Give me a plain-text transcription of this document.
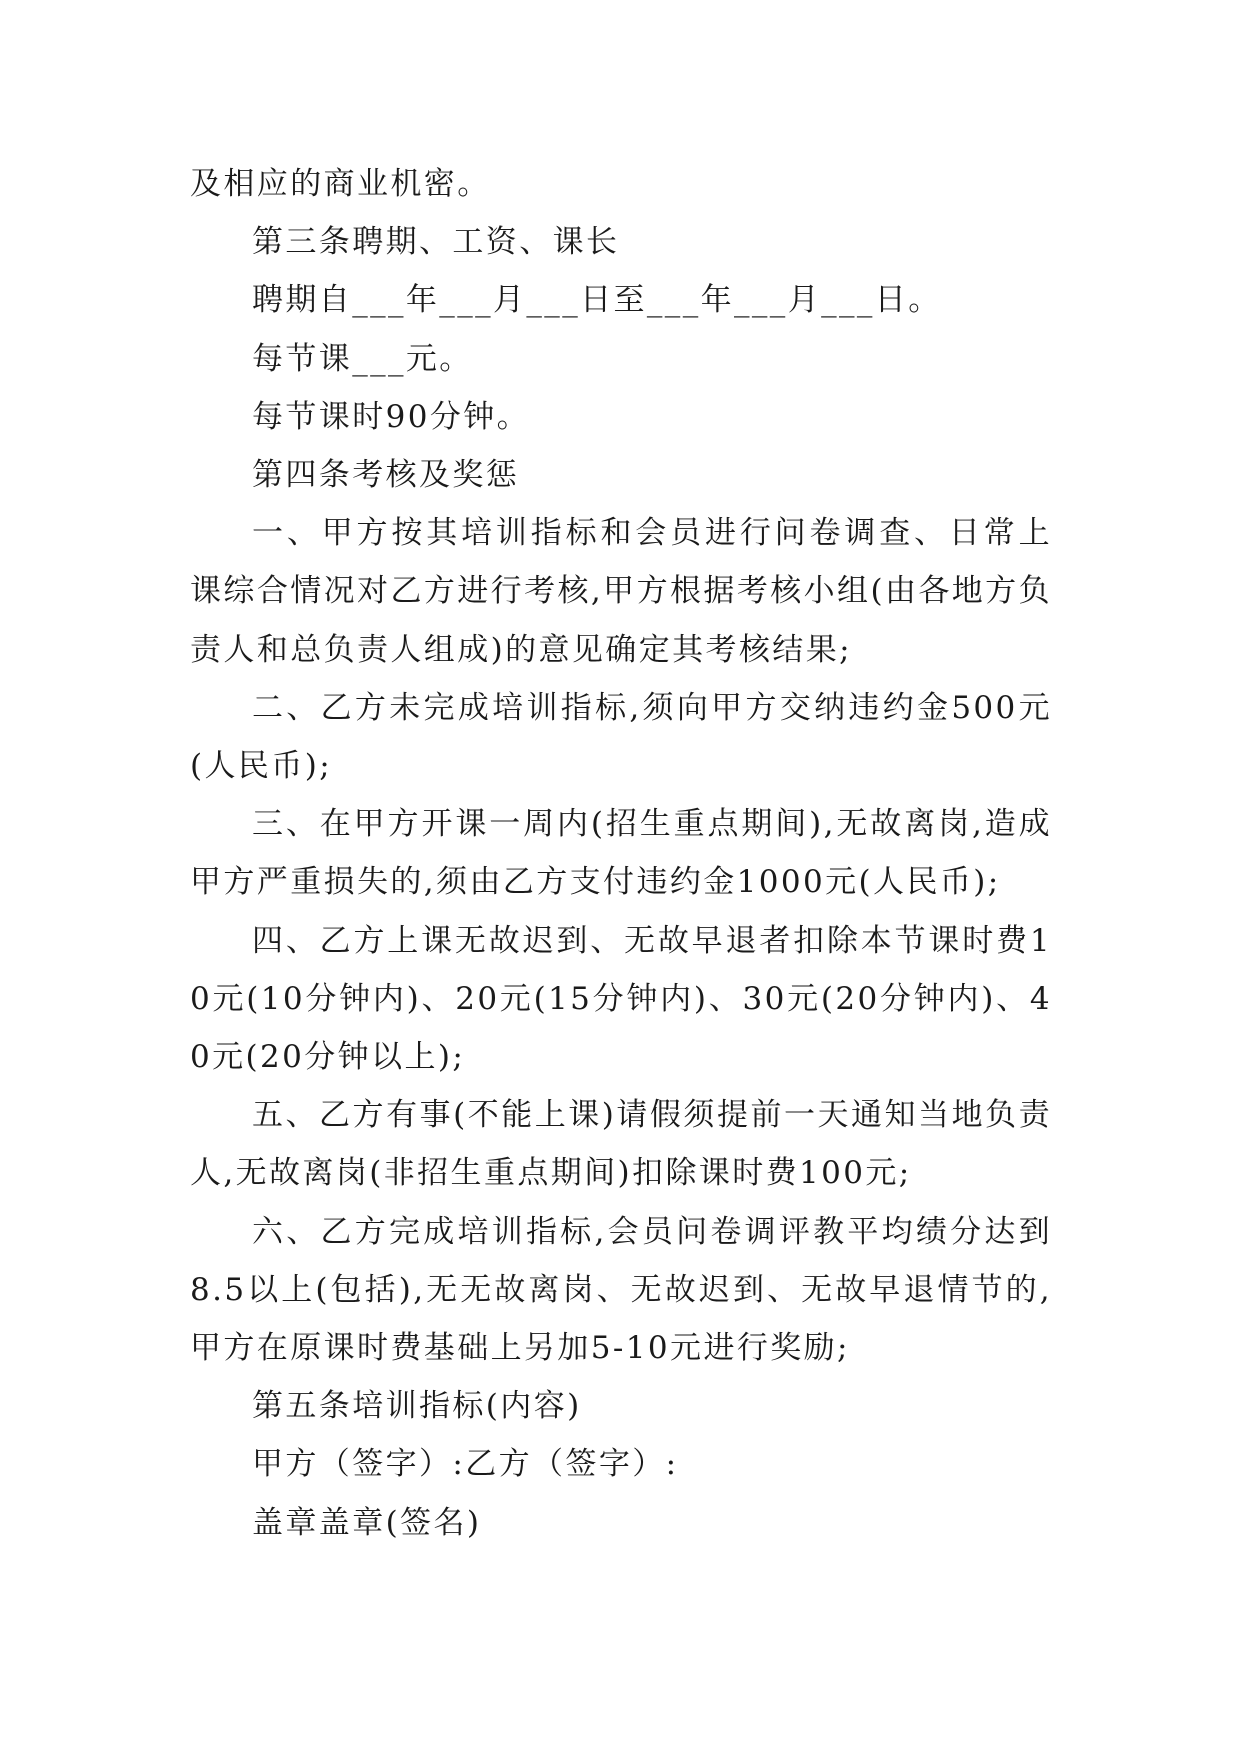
及相应的商业机密。

第三条聘期、工资、课长

聘期自___年___月___日至___年___月___日。

每节课___元。

每节课时90分钟。

第四条考核及奖惩

一、甲方按其培训指标和会员进行问卷调查、日常上课综合情况对乙方进行考核,甲方根据考核小组(由各地方负责人和总负责人组成)的意见确定其考核结果;

二、乙方未完成培训指标,须向甲方交纳违约金500元(人民币);

三、在甲方开课一周内(招生重点期间),无故离岗,造成甲方严重损失的,须由乙方支付违约金1000元(人民币);

四、乙方上课无故迟到、无故早退者扣除本节课时费10元(10分钟内)、20元(15分钟内)、30元(20分钟内)、40元(20分钟以上);

五、乙方有事(不能上课)请假须提前一天通知当地负责人,无故离岗(非招生重点期间)扣除课时费100元;

六、乙方完成培训指标,会员问卷调评教平均绩分达到8.5以上(包括),无无故离岗、无故迟到、无故早退情节的,甲方在原课时费基础上另加5-10元进行奖励;

第五条培训指标(内容)

甲方（签字）:乙方（签字）:

盖章盖章(签名)
